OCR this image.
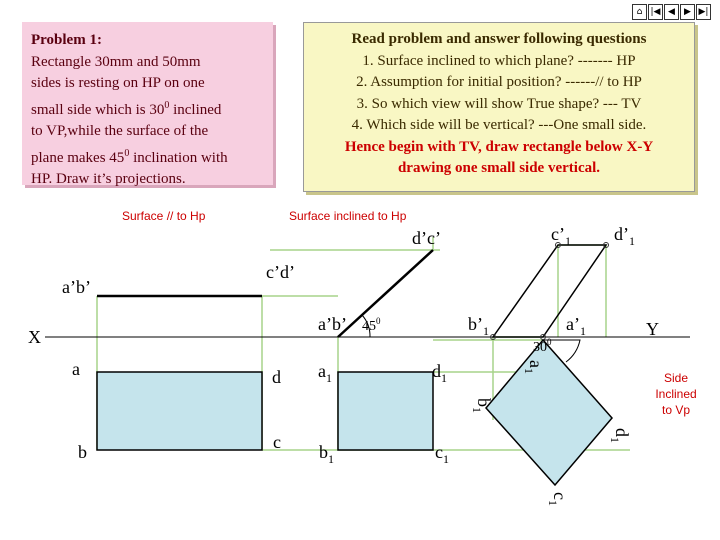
⌂ |◀ ◀	▶ ▶|

Problem 1:

Rectangle 30mm and 50mm

sides is resting on HP on one

small side which is $30^0$ inclined

to VP,while the surface of the

plane makes $45^0$ inclination with

HP. Draw it’s projections.

Read problem and answer following questions
1. Surface inclined to which plane? ------- HP
2. Assumption for initial position? ------// to HP
3. So which view will show True shape? --- TV
4. Which side will be vertical? ---One small side.
Hence begin with TV, draw rectangle below X-Y
drawing one small side vertical.
Surface // to Hp	Surface inclined to Hp
Side
Inclined
to Vp
X	Y
a’b’
c’d’
a’b’
d’c’
$45^0$
a
b	c
d $a_1$
$b_1$	$c_1$
$d_1$
$c’_1$ $d’_1$
$b’_1$	$a’_1$
$30^0$
$a_1$
$b_1$
$c_1$
$d_1$
